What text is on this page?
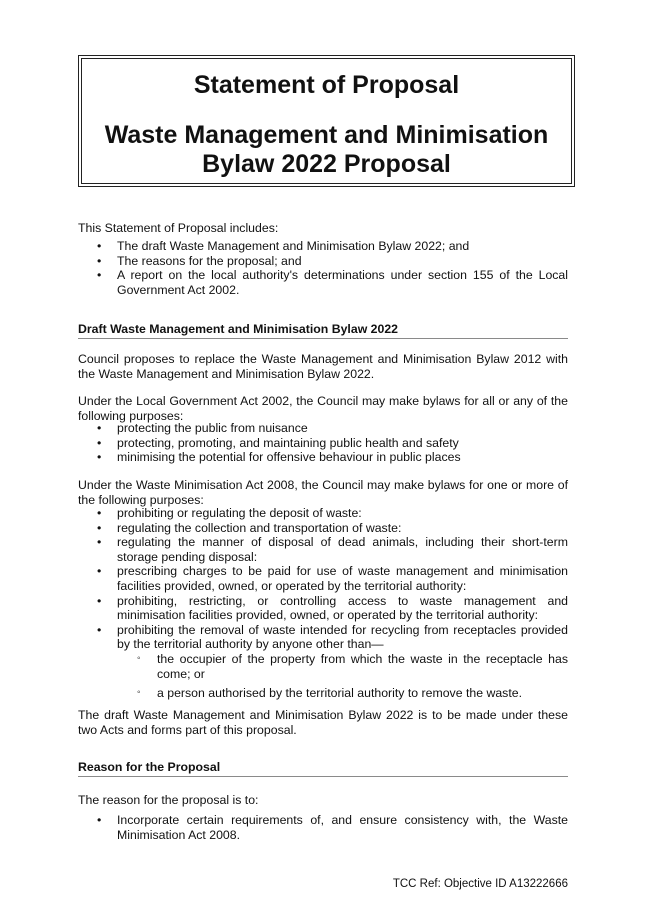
Statement of Proposal
Waste Management and Minimisation
Bylaw 2022 Proposal
This Statement of Proposal includes:
• The draft Waste Management and Minimisation Bylaw 2022; and
• The reasons for the proposal; and
• A report on the local authority's determinations under section 155 of the Local Government Act 2002.
Draft Waste Management and Minimisation Bylaw 2022
Council proposes to replace the Waste Management and Minimisation Bylaw 2012 with the Waste Management and Minimisation Bylaw 2022.
Under the Local Government Act 2002, the Council may make bylaws for all or any of the following purposes:
• protecting the public from nuisance
• protecting, promoting, and maintaining public health and safety
• minimising the potential for offensive behaviour in public places
Under the Waste Minimisation Act 2008, the Council may make bylaws for one or more of the following purposes:
• prohibiting or regulating the deposit of waste:
• regulating the collection and transportation of waste:
• regulating the manner of disposal of dead animals, including their short-term storage pending disposal:
• prescribing charges to be paid for use of waste management and minimisation facilities provided, owned, or operated by the territorial authority:
• prohibiting, restricting, or controlling access to waste management and minimisation facilities provided, owned, or operated by the territorial authority:
• prohibiting the removal of waste intended for recycling from receptacles provided by the territorial authority by anyone other than—
◦ the occupier of the property from which the waste in the receptacle has come; or
◦ a person authorised by the territorial authority to remove the waste.
The draft Waste Management and Minimisation Bylaw 2022 is to be made under these two Acts and forms part of this proposal.
Reason for the Proposal
The reason for the proposal is to:
• Incorporate certain requirements of, and ensure consistency with, the Waste Minimisation Act 2008.
TCC Ref: Objective ID A13222666
